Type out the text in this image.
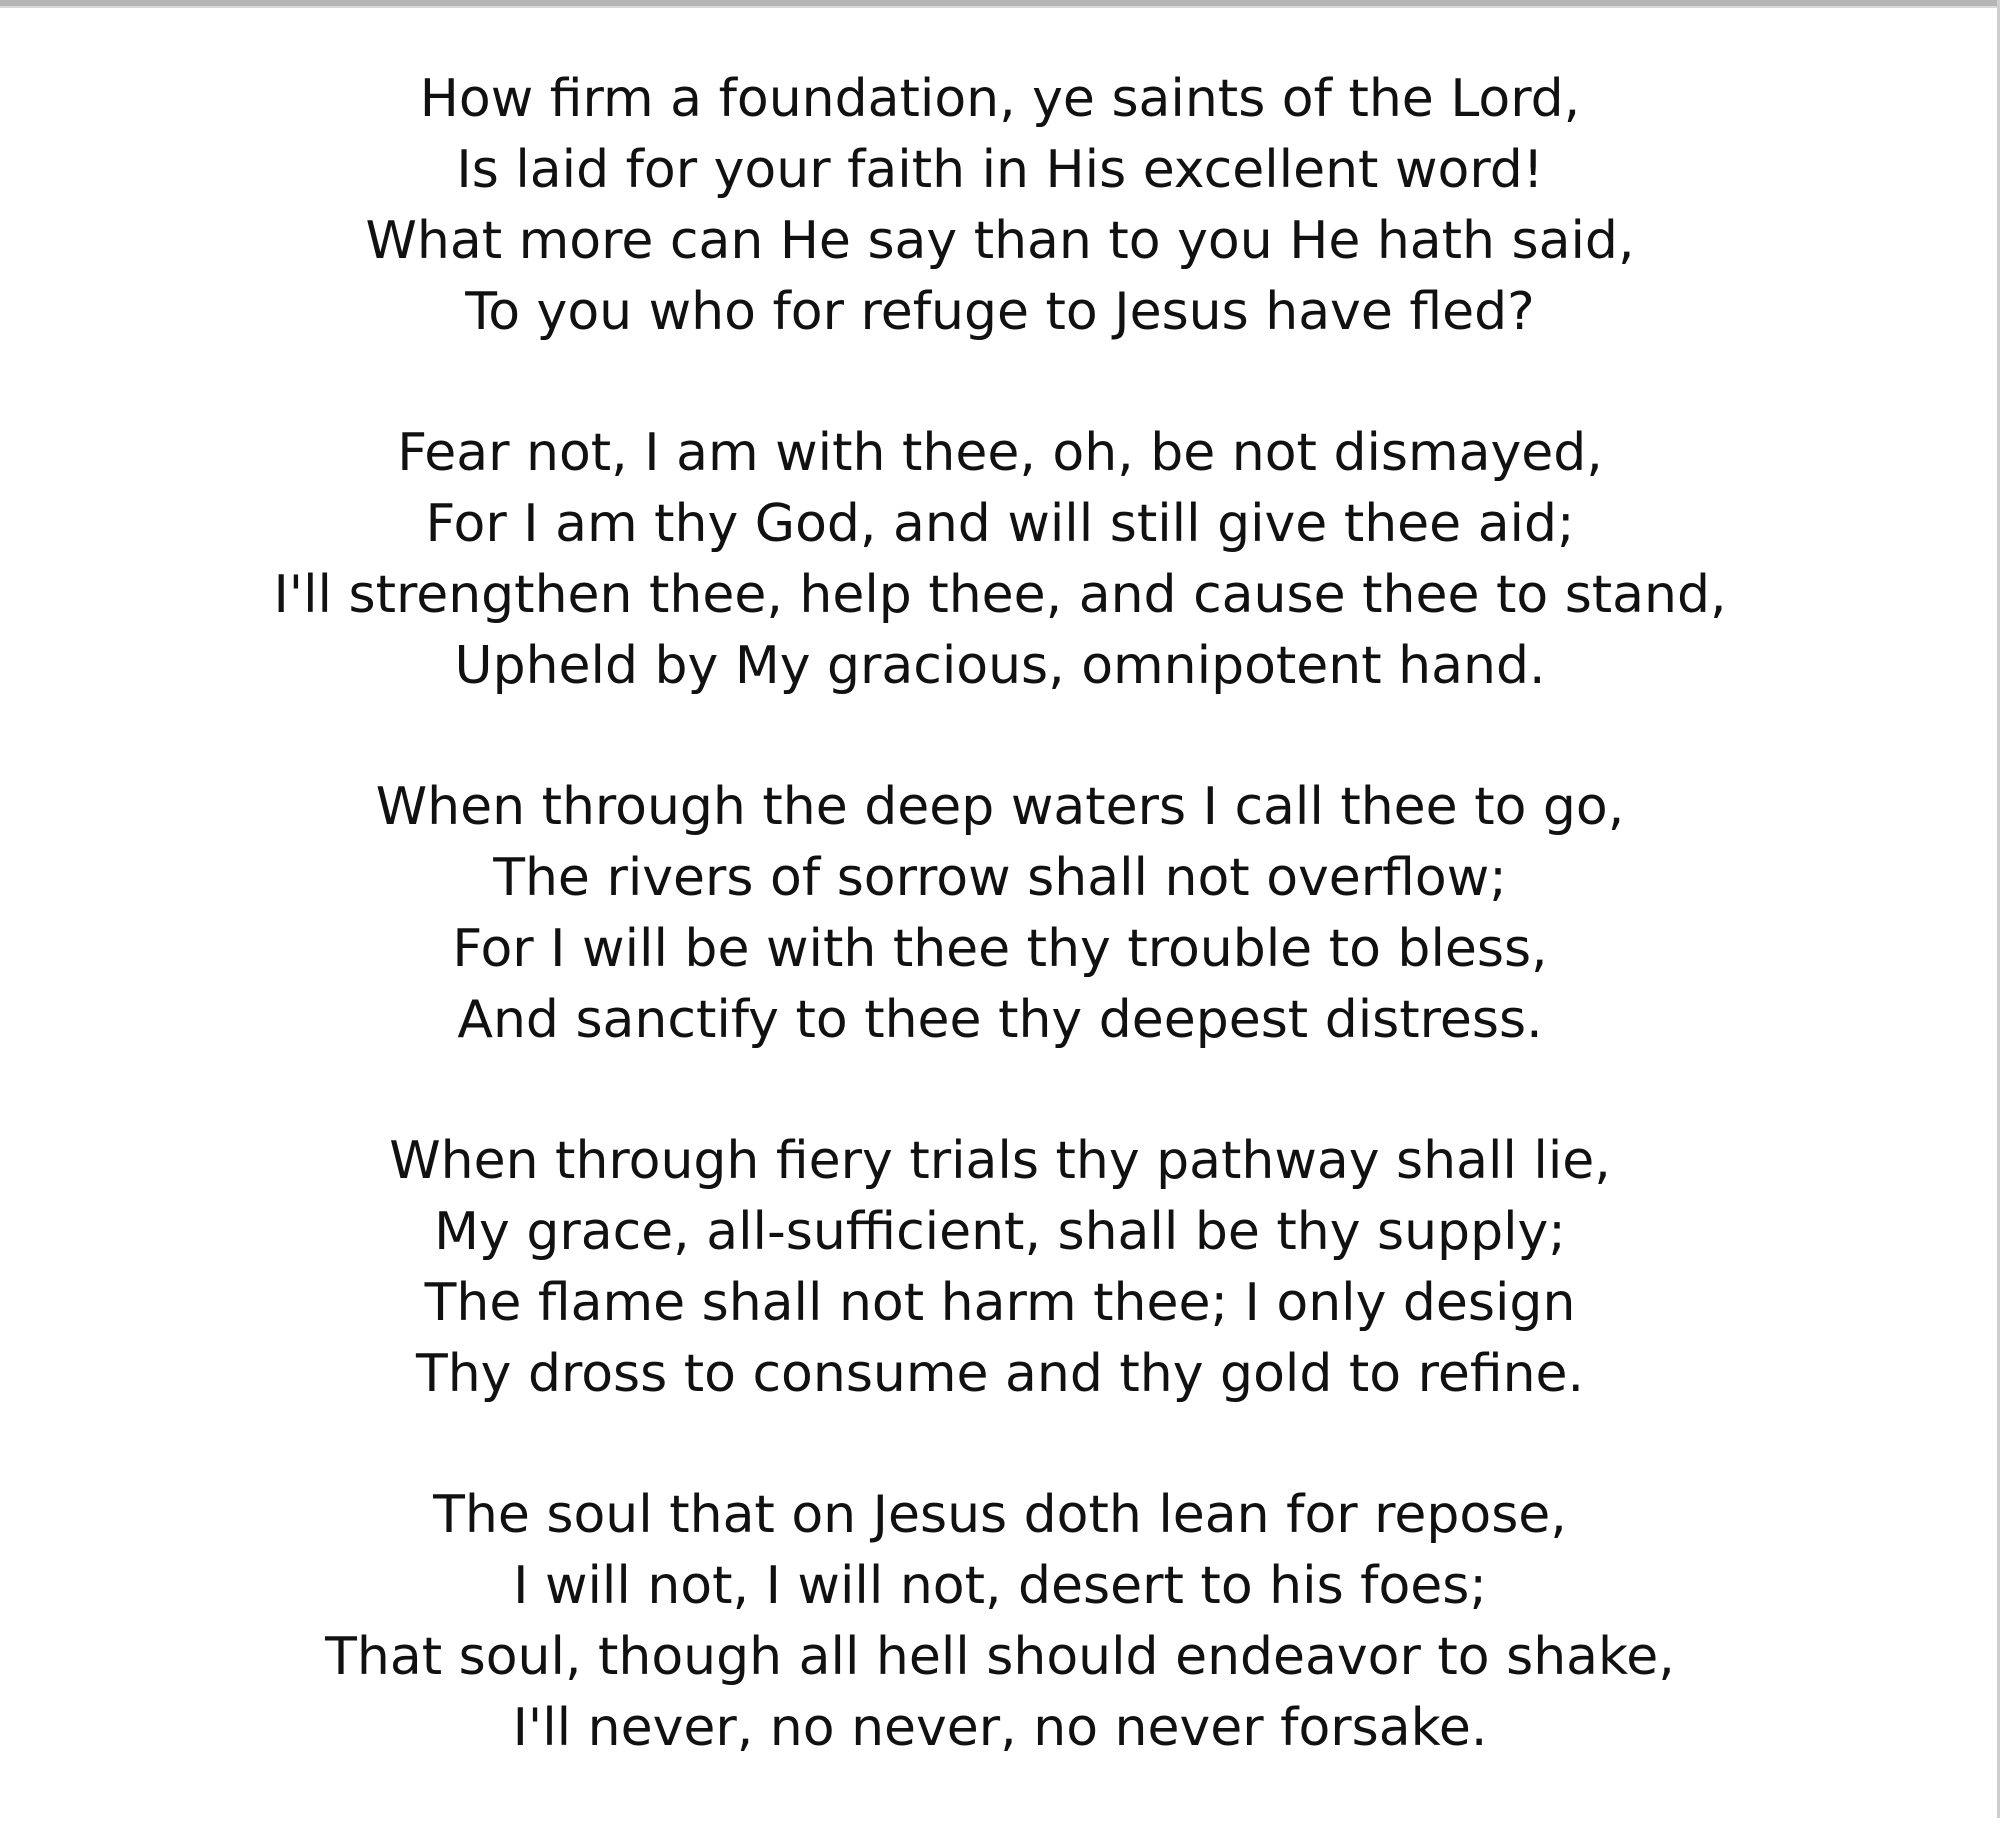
How firm a foundation, ye saints of the Lord,
Is laid for your faith in His excellent word!
What more can He say than to you He hath said,
To you who for refuge to Jesus have fled?
Fear not, I am with thee, oh, be not dismayed,
For I am thy God, and will still give thee aid;
I'll strengthen thee, help thee, and cause thee to stand,
Upheld by My gracious, omnipotent hand.
When through the deep waters I call thee to go,
The rivers of sorrow shall not overflow;
For I will be with thee thy trouble to bless,
And sanctify to thee thy deepest distress.
When through fiery trials thy pathway shall lie,
My grace, all-sufficient, shall be thy supply;
The flame shall not harm thee; I only design
Thy dross to consume and thy gold to refine.
The soul that on Jesus doth lean for repose,
I will not, I will not, desert to his foes;
That soul, though all hell should endeavor to shake,
I'll never, no never, no never forsake.
